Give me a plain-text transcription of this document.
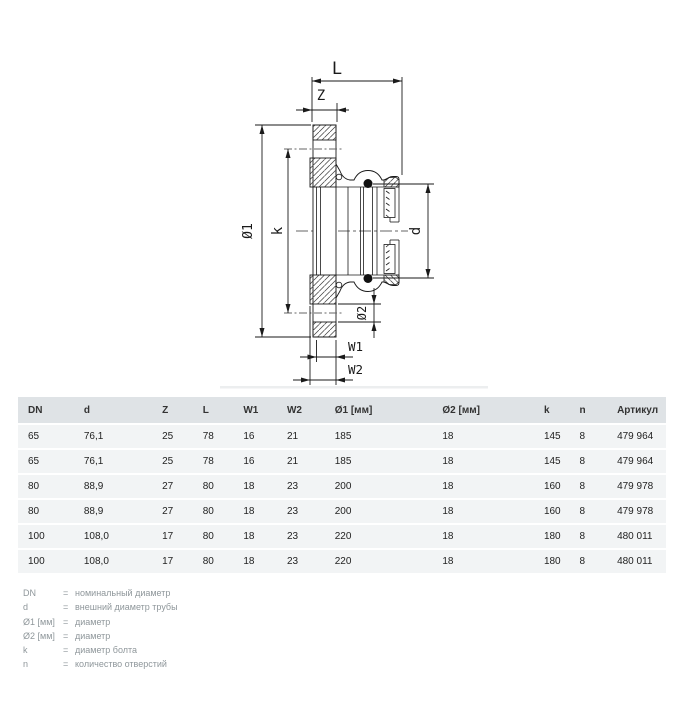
L
Z
Ø1 k	d
Ø2
W1
W2
DN	d	Z	L	W1	W2	Ø1 [мм]	Ø2 [мм]	k	n	Артикул
65	76,1	25	78	16	21	185	18	145	8	479 964
65	76,1	25	78	16	21	185	18	145	8	479 964
80	88,9	27	80	18	23	200	18	160	8	479 978
80	88,9	27	80	18	23	200	18	160	8	479 978
100	108,0	17	80	18	23	220	18	180	8	480 011
100	108,0	17	80	18	23	220	18	180	8	480 011
DN	= номинальный диаметр
d	= внешний диаметр трубы
Ø1 [мм] = диаметр
Ø2 [мм] = диаметр
k	= диаметр болта
n	= количество отверстий
